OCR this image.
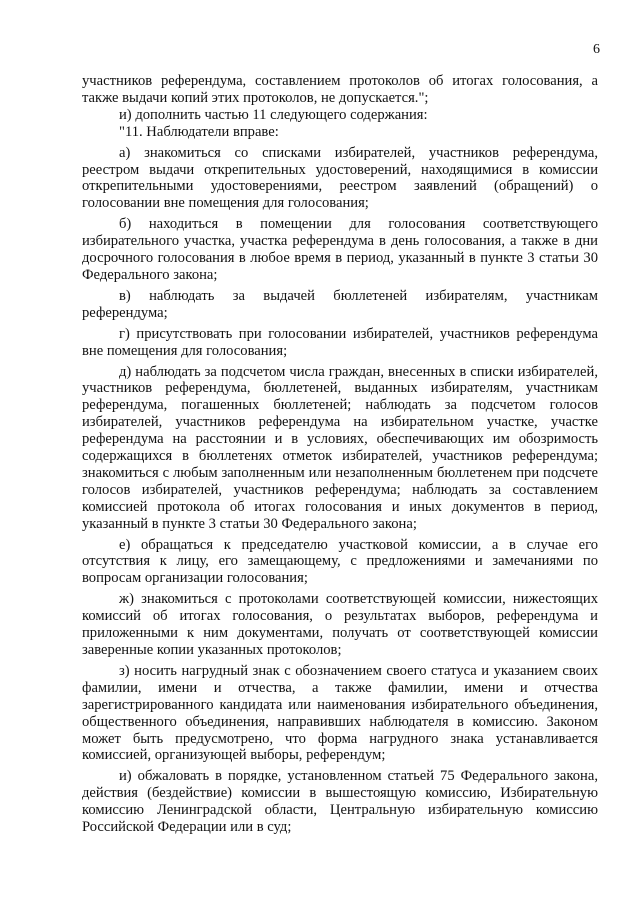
6

участников референдума, составлением протоколов об итогах голосования, а также выдачи копий этих протоколов, не допускается.";

и) дополнить частью 11 следующего содержания:

"11. Наблюдатели вправе:

а) знакомиться со списками избирателей, участников референдума, реестром выдачи открепительных удостоверений, находящимися в комиссии открепительными удостоверениями, реестром заявлений (обращений) о голосовании вне помещения для голосования;

б) находиться в помещении для голосования соответствующего избирательного участка, участка референдума в день голосования, а также в дни досрочного голосования в любое время в период, указанный в пункте 3 статьи 30 Федерального закона;

в) наблюдать за выдачей бюллетеней избирателям, участникам референдума;

г) присутствовать при голосовании избирателей, участников референдума вне помещения для голосования;

д) наблюдать за подсчетом числа граждан, внесенных в списки избирателей, участников референдума, бюллетеней, выданных избирателям, участникам референдума, погашенных бюллетеней; наблюдать за подсчетом голосов избирателей, участников референдума на избирательном участке, участке референдума на расстоянии и в условиях, обеспечивающих им обозримость содержащихся в бюллетенях отметок избирателей, участников референдума; знакомиться с любым заполненным или незаполненным бюллетенем при подсчете голосов избирателей, участников референдума; наблюдать за составлением комиссией протокола об итогах голосования и иных документов в период, указанный в пункте 3 статьи 30 Федерального закона;

е) обращаться к председателю участковой комиссии, а в случае его отсутствия к лицу, его замещающему, с предложениями и замечаниями по вопросам организации голосования;

ж) знакомиться с протоколами соответствующей комиссии, нижестоящих комиссий об итогах голосования, о результатах выборов, референдума и приложенными к ним документами, получать от соответствующей комиссии заверенные копии указанных протоколов;

з) носить нагрудный знак с обозначением своего статуса и указанием своих фамилии, имени и отчества, а также фамилии, имени и отчества зарегистрированного кандидата или наименования избирательного объединения, общественного объединения, направивших наблюдателя в комиссию. Законом может быть предусмотрено, что форма нагрудного знака устанавливается комиссией, организующей выборы, референдум;

и) обжаловать в порядке, установленном статьей 75 Федерального закона, действия (бездействие) комиссии в вышестоящую комиссию, Избирательную комиссию Ленинградской области, Центральную избирательную комиссию Российской Федерации или в суд;
